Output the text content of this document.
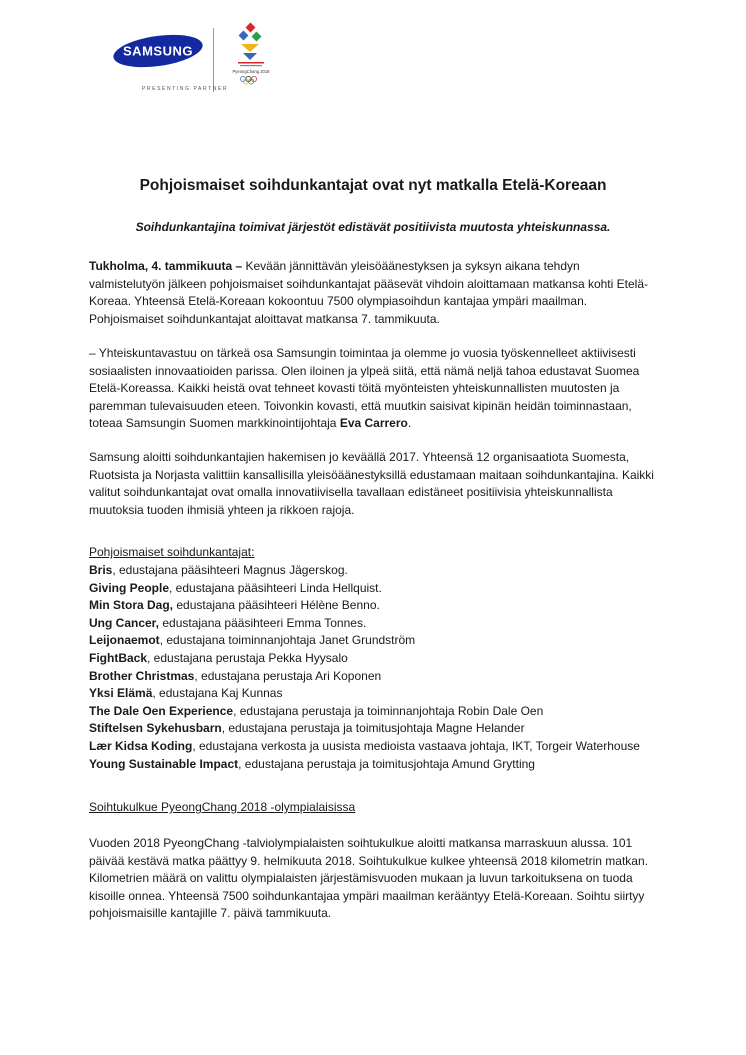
SAMSUNG
PyeongChang 2018
PRESENTING PARTNER
Pohjoismaiset soihdunkantajat ovat nyt matkalla Etelä-Koreaan

Soihdunkantajina toimivat järjestöt edistävät positiivista muutosta yhteiskunnassa.

Tukholma, 4. tammikuuta – Kevään jännittävän yleisöäänestyksen ja syksyn aikana tehdyn valmistelutyön jälkeen pohjoismaiset soihdunkantajat pääsevät vihdoin aloittamaan matkansa kohti Etelä-Koreaa. Yhteensä Etelä-Koreaan kokoontuu 7500 olympiasoihdun kantajaa ympäri maailman. Pohjoismaiset soihdunkantajat aloittavat matkansa 7. tammikuuta.

– Yhteiskuntavastuu on tärkeä osa Samsungin toimintaa ja olemme jo vuosia työskennelleet aktiivisesti sosiaalisten innovaatioiden parissa. Olen iloinen ja ylpeä siitä, että nämä neljä tahoa edustavat Suomea Etelä-Koreassa. Kaikki heistä ovat tehneet kovasti töitä myönteisten yhteiskunnallisten muutosten ja paremman tulevaisuuden eteen. Toivonkin kovasti, että muutkin saisivat kipinän heidän toiminnastaan, toteaa Samsungin Suomen markkinointijohtaja Eva Carrero.

Samsung aloitti soihdunkantajien hakemisen jo keväällä 2017. Yhteensä 12 organisaatiota Suomesta, Ruotsista ja Norjasta valittiin kansallisilla yleisöäänestyksillä edustamaan maitaan soihdunkantajina. Kaikki valitut soihdunkantajat ovat omalla innovatiivisella tavallaan edistäneet positiivisia yhteiskunnallista muutoksia tuoden ihmisiä yhteen ja rikkoen rajoja.

Pohjoismaiset soihdunkantajat:

Bris, edustajana pääsihteeri Magnus Jägerskog.
Giving People, edustajana pääsihteeri Linda Hellquist.
Min Stora Dag, edustajana pääsihteeri Hélène Benno.
Ung Cancer, edustajana pääsihteeri Emma Tonnes.
Leijonaemot, edustajana toiminnanjohtaja Janet Grundström
FightBack, edustajana perustaja Pekka Hyysalo
Brother Christmas, edustajana perustaja Ari Koponen
Yksi Elämä, edustajana Kaj Kunnas
The Dale Oen Experience, edustajana perustaja ja toiminnanjohtaja Robin Dale Oen
Stiftelsen Sykehusbarn, edustajana perustaja ja toimitusjohtaja Magne Helander
Lær Kidsa Koding, edustajana verkosta ja uusista medioista vastaava johtaja, IKT, Torgeir Waterhouse
Young Sustainable Impact, edustajana perustaja ja toimitusjohtaja Amund Grytting

Soihtukulkue PyeongChang 2018 -olympialaisissa

Vuoden 2018 PyeongChang -talviolympialaisten soihtukulkue aloitti matkansa marraskuun alussa. 101 päivää kestävä matka päättyy 9. helmikuuta 2018. Soihtukulkue kulkee yhteensä 2018 kilometrin matkan. Kilometrien määrä on valittu olympialaisten järjestämisvuoden mukaan ja luvun tarkoituksena on tuoda kisoille onnea. Yhteensä 7500 soihdunkantajaa ympäri maailman kerääntyy Etelä-Koreaan. Soihtu siirtyy pohjoismaisille kantajille 7. päivä tammikuuta.
